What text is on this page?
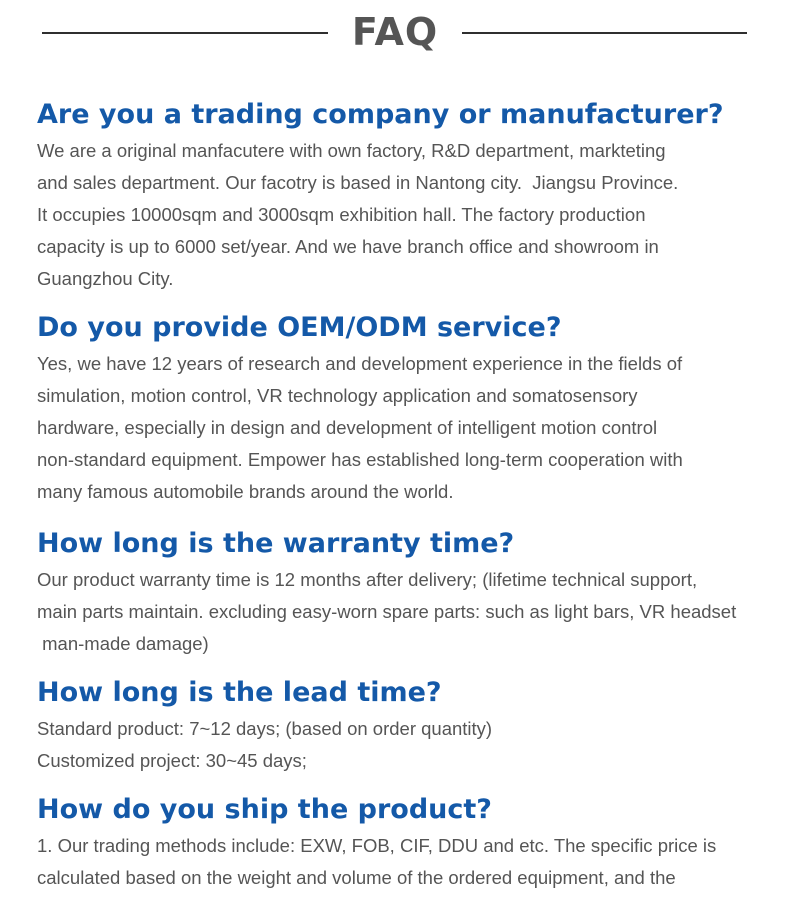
FAQ
Are you a trading company or manufacturer?

We are a original manfacutere with own factory, R&D department, markteting

and sales department. Our facotry is based in Nantong city.  Jiangsu Province.

It occupies 10000sqm and 3000sqm exhibition hall. The factory production

capacity is up to 6000 set/year. And we have branch office and showroom in

Guangzhou City.

Do you provide OEM/ODM service?

Yes, we have 12 years of research and development experience in the fields of

simulation, motion control, VR technology application and somatosensory

hardware, especially in design and development of intelligent motion control

non-standard equipment. Empower has established long-term cooperation with

many famous automobile brands around the world.

How long is the warranty time?

Our product warranty time is 12 months after delivery; (lifetime technical support,

main parts maintain. excluding easy-worn spare parts: such as light bars, VR headset

man-made damage)

How long is the lead time?

Standard product: 7~12 days; (based on order quantity)

Customized project: 30~45 days;

How do you ship the product?

1. Our trading methods include: EXW, FOB, CIF, DDU and etc. The specific price is

calculated based on the weight and volume of the ordered equipment, and the
